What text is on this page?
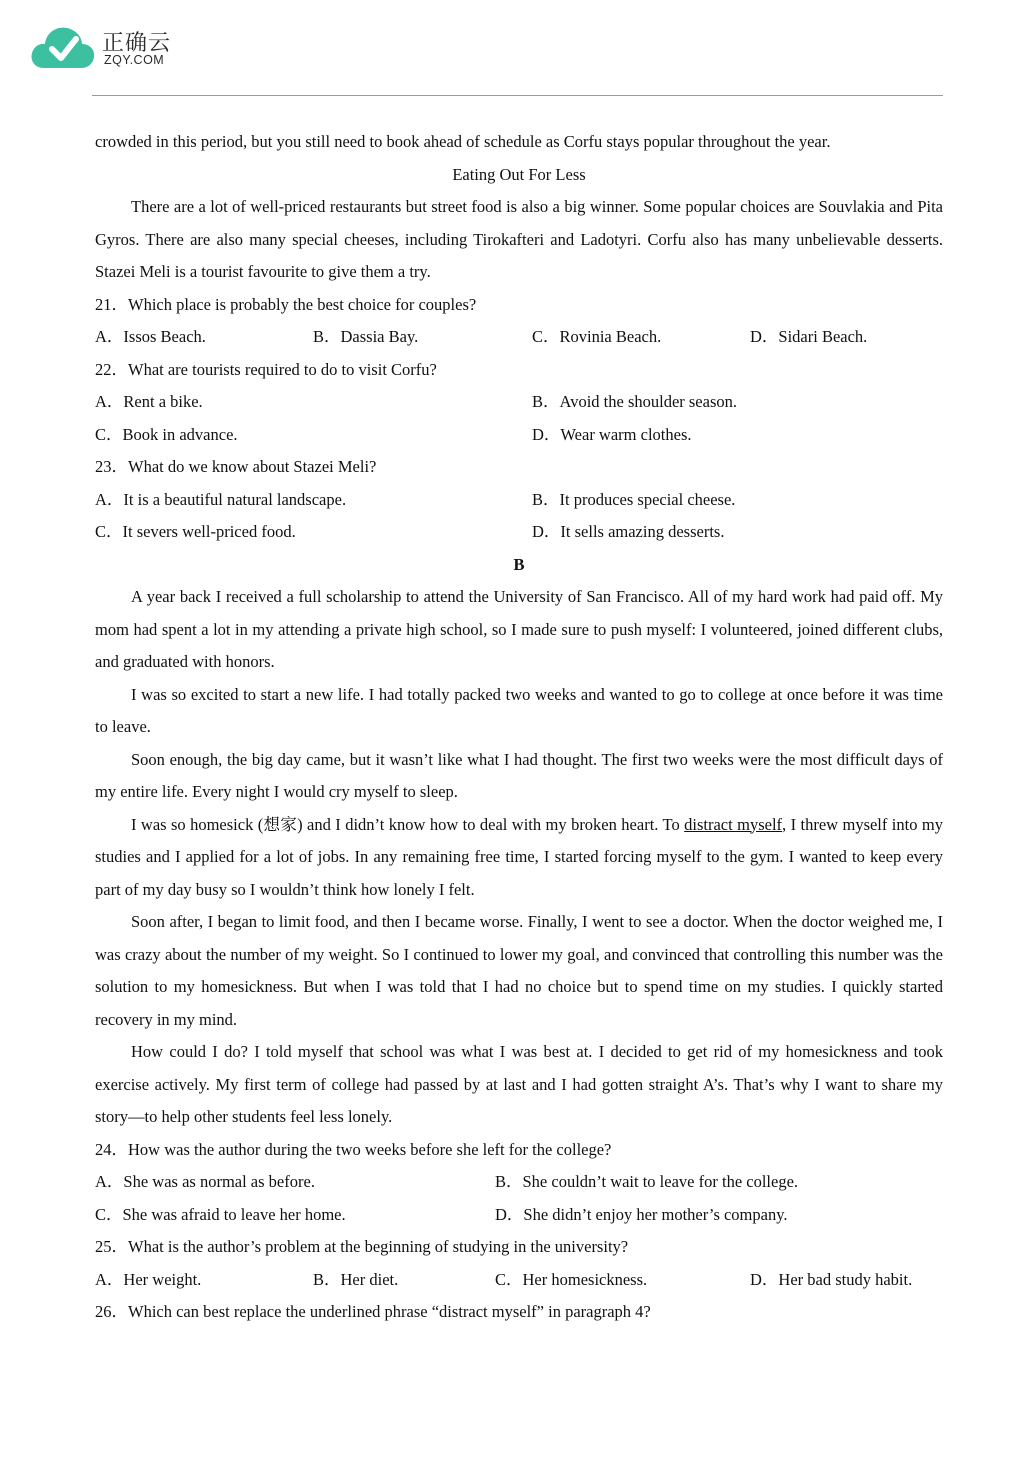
正确云
ZQY.COM
crowded in this period, but you still need to book ahead of schedule as Corfu stays popular throughout the year.
Eating Out For Less

There are a lot of well-priced restaurants but street food is also a big winner. Some popular choices are Souvlakia and Pita Gyros. There are also many special cheeses, including Tirokafteri and Ladotyri. Corfu also has many unbelievable desserts. Stazei Meli is a tourist favourite to give them a try.

21．Which place is probably the best choice for couples?
A．Issos Beach.	B．Dassia Bay.	C．Rovinia Beach.	D．Sidari Beach.
22．What are tourists required to do to visit Corfu?
A．Rent a bike.	B．Avoid the shoulder season.
C．Book in advance.	D．Wear warm clothes.
23．What do we know about Stazei Meli?
A．It is a beautiful natural landscape.	B．It produces special cheese.
C．It severs well-priced food.	D．It sells amazing desserts.
B

A year back I received a full scholarship to attend the University of San Francisco. All of my hard work had paid off. My mom had spent a lot in my attending a private high school, so I made sure to push myself: I volunteered, joined different clubs, and graduated with honors.

I was so excited to start a new life. I had totally packed two weeks and wanted to go to college at once before it was time to leave.

Soon enough, the big day came, but it wasn’t like what I had thought. The first two weeks were the most difficult days of my entire life. Every night I would cry myself to sleep.

I was so homesick (想家) and I didn’t know how to deal with my broken heart. To distract myself, I threw myself into my studies and I applied for a lot of jobs. In any remaining free time, I started forcing myself to the gym. I wanted to keep every part of my day busy so I wouldn’t think how lonely I felt.

Soon after, I began to limit food, and then I became worse. Finally, I went to see a doctor. When the doctor weighed me, I was crazy about the number of my weight. So I continued to lower my goal, and convinced that controlling this number was the solution to my homesickness. But when I was told that I had no choice but to spend time on my studies. I quickly started recovery in my mind.

How could I do? I told myself that school was what I was best at. I decided to get rid of my homesickness and took exercise actively. My first term of college had passed by at last and I had gotten straight A’s. That’s why I want to share my story—to help other students feel less lonely.

24．How was the author during the two weeks before she left for the college?
A．She was as normal as before.	B．She couldn’t wait to leave for the college.
C．She was afraid to leave her home.	D．She didn’t enjoy her mother’s company.
25．What is the author’s problem at the beginning of studying in the university?
A．Her weight.	B．Her diet.	C．Her homesickness.	D．Her bad study habit.
26．Which can best replace the underlined phrase “distract myself” in paragraph 4?
